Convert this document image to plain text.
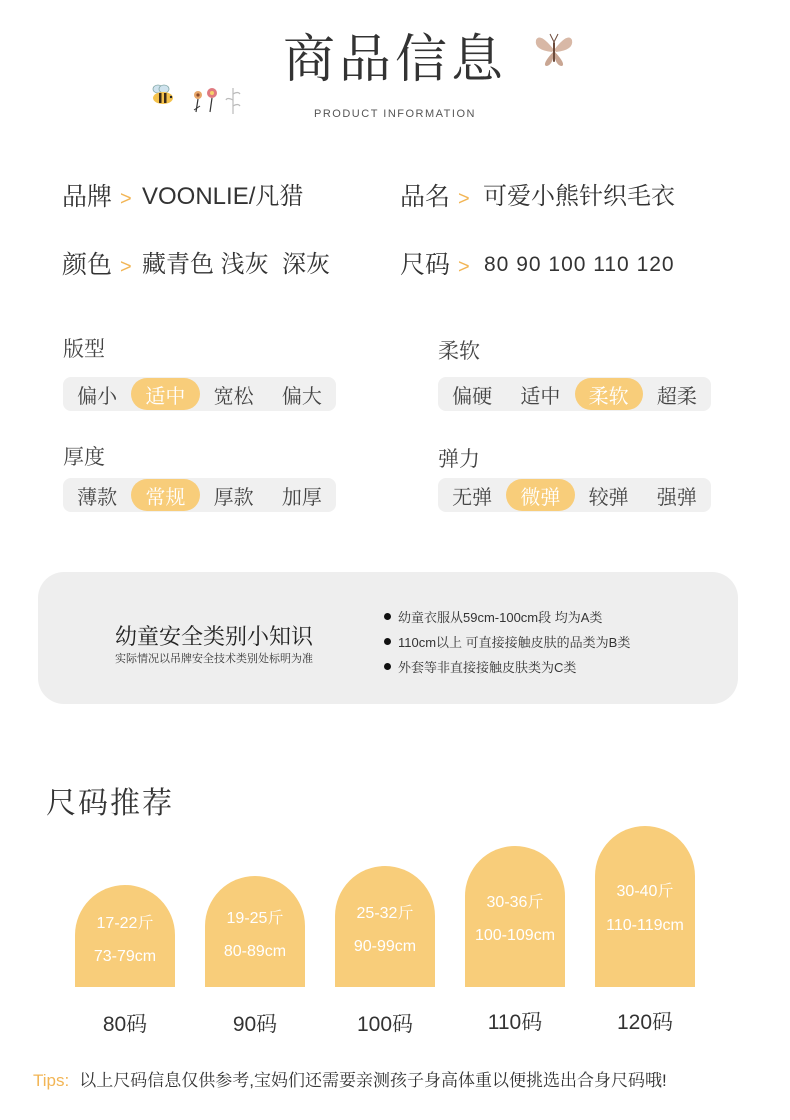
商品信息
PRODUCT INFORMATION
品牌 > VOONLIE/凡猎	品名 > 可爱小熊针织毛衣
颜色 > 藏青色 浅灰  深灰	尺码 > 80 90 100 110 120
版型
偏小	适中	宽松	偏大
柔软
偏硬	适中	柔软	超柔
厚度
薄款	常规	厚款	加厚
弹力
无弹	微弹	较弹	强弹
幼童安全类别小知识
实际情况以吊牌安全技术类别处标明为准
幼童衣服从59cm-100cm段 均为A类
110cm以上 可直接接触皮肤的品类为B类
外套等非直接接触皮肤类为C类
尺码推荐
17-22斤
73-79cm
80码
19-25斤
80-89cm
90码
25-32斤
90-99cm
100码
30-36斤
100-109cm
110码
30-40斤
110-119cm
120码
Tips: 以上尺码信息仅供参考,宝妈们还需要亲测孩子身高体重以便挑选出合身尺码哦!
